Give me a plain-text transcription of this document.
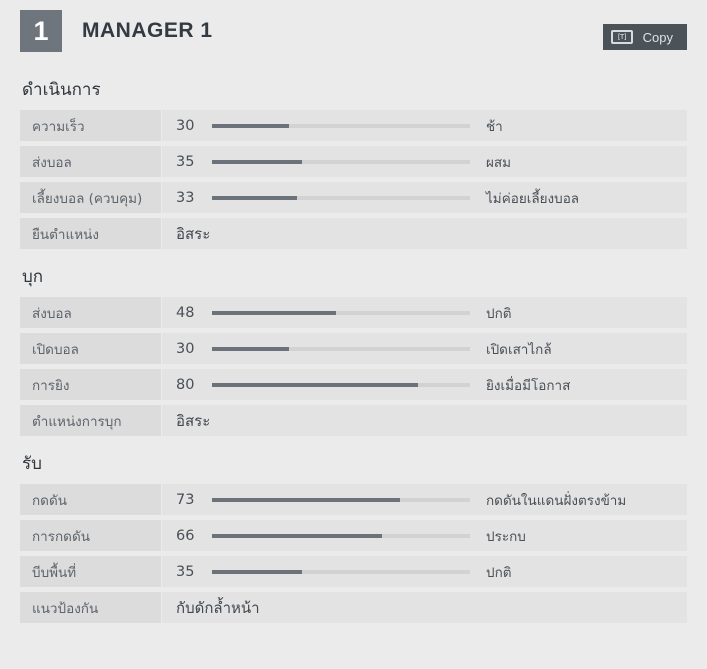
1	MANAGER 1	[T] Copy
ดำเนินการ
ความเร็ว	30	ช้า
ส่งบอล	35	ผสม
เลี้ยงบอล (ควบคุม)	33	ไม่ค่อยเลี้ยงบอล
ยืนตำแหน่ง	อิสระ
บุก
ส่งบอล	48	ปกติ
เปิดบอล	30	เปิดเสาไกล้
การยิง	80	ยิงเมื่อมีโอกาส
ตำแหน่งการบุก	อิสระ
รับ
กดดัน	73	กดดันในแดนฝั่งตรงข้าม
การกดดัน	66	ประกบ
บีบพื้นที่	35	ปกติ
แนวป้องกัน	กับดักล้ำหน้า
